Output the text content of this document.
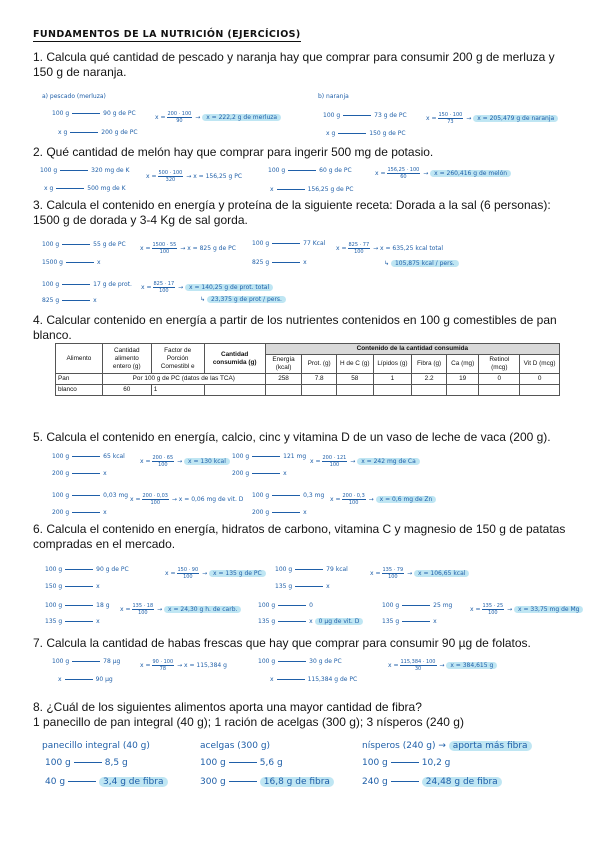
FUNDAMENTOS DE LA NUTRICIÓN (EJERCÍCIOS)
1. Calcula qué cantidad de pescado y naranja hay que comprar para consumir 200 g de merluza y 150 g de naranja.
a) pescado (merluza)
100 g	90 g de PC
x g	200 g de PC
$x = \frac{200 \cdot 100}{90} \to x = 222,2$ g de merluza
b) naranja
100 g	73 g de PC
x g	150 g de PC
$x = \frac{150 \cdot 100}{73} \to x = 205,479$ g de naranja
2. Qué cantidad de melón hay que comprar para ingerir 500 mg de potasio.
100 g	320 mg de K
x g	500 mg de K
$x = \frac{500 \cdot 100}{320} \to x = 156,25$ g PC
100 g	60 g de PC
x	156,25 g de PC
$x = \frac{156,25 \cdot 100}{60} \to x = 260,416$ g de melón
3. Calcula el contenido en energía y proteína de la siguiente receta: Dorada a la sal (6 personas): 1500 g de dorada y 3-4 Kg de sal gorda.
100 g	55 g de PC
1500 g	x
$x = \frac{1500 \cdot 55}{100} \to x = 825$ g de PC
100 g	77 Kcal
825 g	x
$x = \frac{825 \cdot 77}{100} \to x = 635,25$ kcal total
↳ 105,875 kcal / pers.
100 g	17 g de prot.
825 g	x
$x = \frac{825 \cdot 17}{100} \to x = 140,25$ g de prot. total
↳ 23,375 g de prot / pers.
4. Calcular contenido en energía a partir de los nutrientes contenidos en 100 g comestibles de pan blanco.
Alimento	Cantidad alimento entero (g)	Factor de Porción Comestibl e	Cantidad consumida (g)	Contenido de la cantidad consumida							
				Energía (kcal)	Prot. (g)	H de C (g)	Lípidos (g)	Fibra (g)	Ca (mg)	Retinol (mcg)	Vit D (mcg)
Pan	Por 100 g de PC (datos de las TCA)			258	7.8	58	1	2.2	19	0	0
blanco	60	1									
5. Calcula el contenido en energía, calcio, cinc y vitamina D de un vaso de leche de vaca (200 g).
100 g	65 kcal
200 g	x
$x = \frac{200 \cdot 65}{100} \to x = 130$ kcal
100 g	121 mg
200 g	x
$x = \frac{200 \cdot 121}{100} \to x = 242$ mg de Ca
100 g	0,03 mg
200 g	x
$x = \frac{200 \cdot 0,03}{100} \to x = 0,06$ mg de vit. D
100 g	0,3 mg
200 g	x
$x = \frac{200 \cdot 0,3}{100} \to x = 0,6$ mg de Zn
6. Calcula el contenido en energía, hidratos de carbono, vitamina C y magnesio de 150 g de patatas compradas en el mercado.
100 g	90 g de PC
150 g	x
$x = \frac{150 \cdot 90}{100} \to x = 135$ g de PC
100 g	79 kcal
135 g	x
$x = \frac{135 \cdot 79}{100} \to x = 106,65$ kcal
100 g	18 g
135 g	x
$x = \frac{135 \cdot 18}{100} \to x = 24,30$ g h. de carb.
100 g	0
135 g	x 0 µg de vit. D
100 g	25 mg
135 g	x
$x = \frac{135 \cdot 25}{100} \to x = 33,75$ mg de Mg
7. Calcula la cantidad de habas frescas que hay que comprar para consumir 90 µg de folatos.
100 g	78 µg
x	90 µg
$x = \frac{90 \cdot 100}{78} \to x = 115,384$ g
100 g	30 g de PC
x	115,384 g de PC
$x = \frac{115,384 \cdot 100}{30} \to x = 384,615$ g
8. ¿Cuál de los siguientes alimentos aporta una mayor cantidad de fibra?
1 panecillo de pan integral (40 g); 1 ración de acelgas (300 g); 3 nísperos (240 g)
panecillo integral (40 g)
100 g	8,5 g
40 g	3,4 g de fibra
acelgas (300 g)
100 g	5,6 g
300 g	16,8 g de fibra
nísperos (240 g) → aporta más fibra
100 g	10,2 g
240 g	24,48 g de fibra
